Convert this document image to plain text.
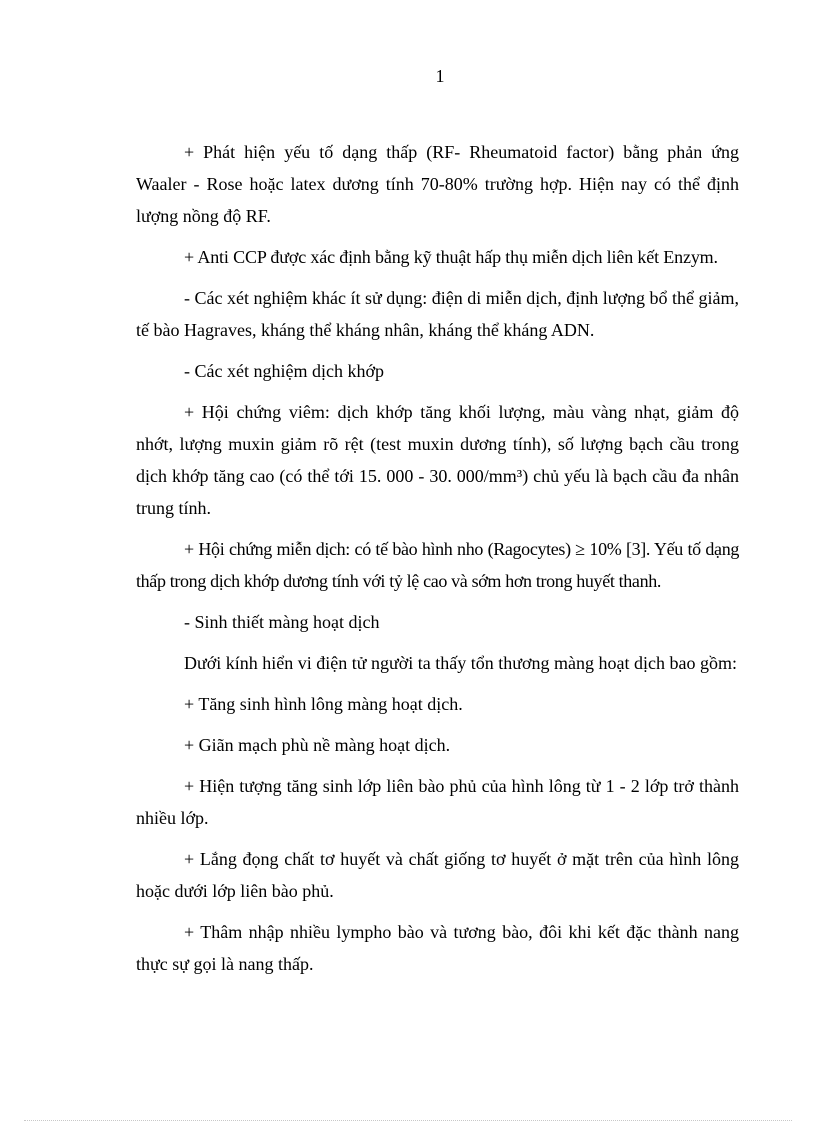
1

+ Phát hiện yếu tố dạng thấp (RF- Rheumatoid factor) bằng phản ứng Waaler - Rose hoặc latex dương tính 70-80% trường hợp. Hiện nay có thể định lượng nồng độ RF.

+ Anti CCP được xác định bằng kỹ thuật hấp thụ miễn dịch liên kết Enzym.

- Các xét nghiệm khác ít sử dụng: điện di miễn dịch, định lượng bổ thể giảm, tế bào Hagraves, kháng thể kháng nhân, kháng thể kháng ADN.

- Các xét nghiệm dịch khớp

+ Hội chứng viêm: dịch khớp tăng khối lượng, màu vàng nhạt, giảm độ nhớt, lượng muxin giảm rõ rệt (test muxin dương tính), số lượng bạch cầu trong dịch khớp tăng cao (có thể tới 15. 000 - 30. 000/mm³) chủ yếu là bạch cầu đa nhân trung tính.

+ Hội chứng miễn dịch: có tế bào hình nho (Ragocytes) ≥ 10% [3]. Yếu tố dạng thấp trong dịch khớp dương tính với tỷ lệ cao và sớm hơn trong huyết thanh.

- Sinh thiết màng hoạt dịch

Dưới kính hiển vi điện tử người ta thấy tổn thương màng hoạt dịch bao gồm:

+ Tăng sinh hình lông màng hoạt dịch.

+ Giãn mạch phù nề màng hoạt dịch.

+ Hiện tượng tăng sinh lớp liên bào phủ của hình lông từ 1 - 2 lớp trở thành nhiều lớp.

+ Lắng đọng chất tơ huyết và chất giống tơ huyết ở mặt trên của hình lông hoặc dưới lớp liên bào phủ.

+ Thâm nhập nhiều lympho bào và tương bào, đôi khi kết đặc thành nang thực sự gọi là nang thấp.
